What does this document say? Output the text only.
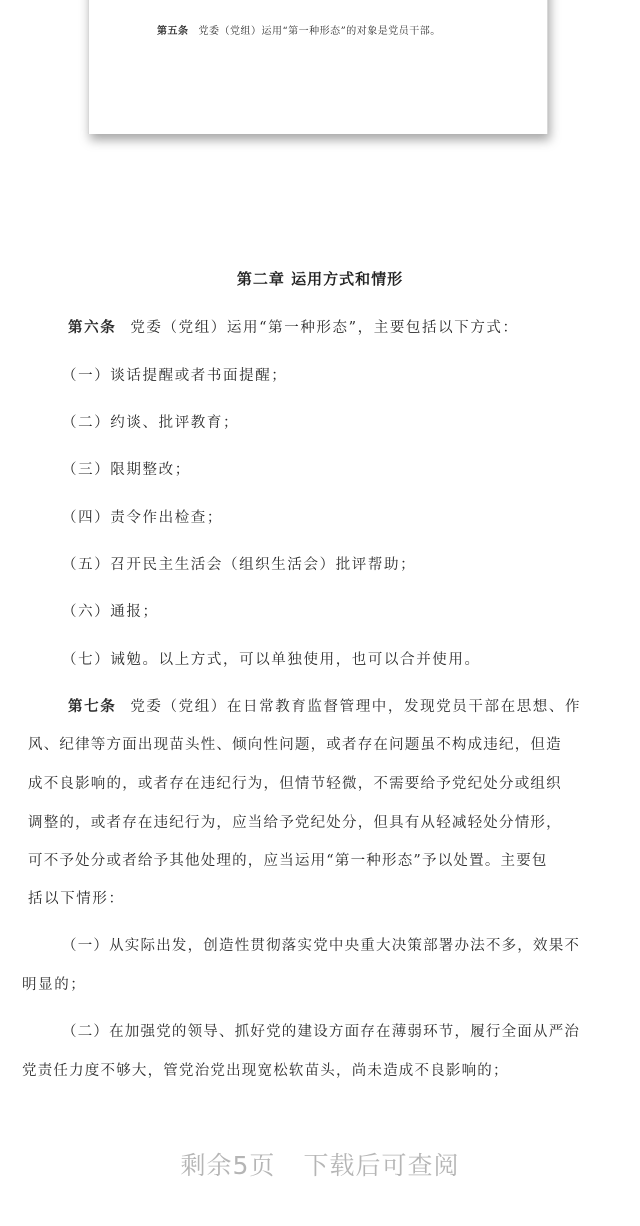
第五条 党委（党组）运用“第一种形态”的对象是党员干部。
第二章 运用方式和情形
第六条 党委（党组）运用“第一种形态”，主要包括以下方式：
（一）谈话提醒或者书面提醒；
（二）约谈、批评教育；
（三）限期整改；
（四）责令作出检查；
（五）召开民主生活会（组织生活会）批评帮助；
（六）通报；
（七）诫勉。以上方式，可以单独使用，也可以合并使用。
第七条 党委（党组）在日常教育监督管理中，发现党员干部在思想、作
风、纪律等方面出现苗头性、倾向性问题，或者存在问题虽不构成违纪，但造
成不良影响的，或者存在违纪行为，但情节轻微，不需要给予党纪处分或组织
调整的，或者存在违纪行为，应当给予党纪处分，但具有从轻减轻处分情形，
可不予处分或者给予其他处理的，应当运用“第一种形态”予以处置。主要包
括以下情形：
（一）从实际出发，创造性贯彻落实党中央重大决策部署办法不多，效果不
明显的；
（二）在加强党的领导、抓好党的建设方面存在薄弱环节，履行全面从严治
党责任力度不够大，管党治党出现宽松软苗头，尚未造成不良影响的；
剩余5页 下载后可查阅
